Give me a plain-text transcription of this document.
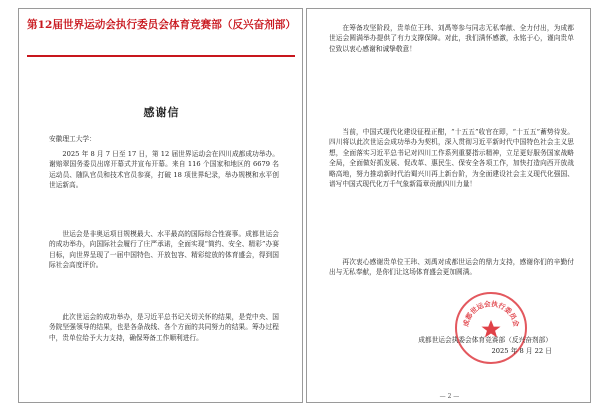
第12届世界运动会执行委员会体育竞赛部（反兴奋剂部）
感谢信
安徽理工大学：
2025 年 8 月 7 日至 17 日，第 12 届世界运动会在四川成都成功举办。谢赔翠国务委员出席开幕式并宣布开幕。来自 116 个国家和地区的 6679 名运动员、随队官员和技术官员参赛，打破 18 项世界纪录，举办规模和水平创世运新高。
世运会是非奥运项目规模最大、水平最高的国际综合性赛事。成都世运会的成功举办，向国际社会履行了庄严承诺，全面实现“简约、安全、精彩”办赛目标，向世界呈现了一届中国特色、开放包容、精彩绽放的体育盛会，得到国际社会高度评价。
此次世运会的成功举办，是习近平总书记关切关怀的结果，是党中央、国务院坚强领导的结果，也是各条战线、各个方面的共同努力的结果。筹办过程中，贵单位给予大力支持，确保筹备工作顺利进行。
在筹备攻坚阶段，贵单位王玮、刘禹等参与同志无私奉献、全力付出，为成都世运会圆满举办提供了有力支撑保障。对此，我们满怀感激，永铭于心，谨向贵单位致以衷心感谢和诚挚敬意！
当前，中国式现代化建设征程正酣，“十五五”收官在即，“十五五”蓄势待发。四川将以此次世运会成功举办为契机，深入贯彻习近平新时代中国特色社会主义思想，全面落实习近平总书记对四川工作系列重要指示精神，立足更好服务国家战略全局，全面做好抓发展、促改革、惠民生、保安全各项工作，加快打造向西开放战略高地，努力推动新时代治蜀兴川再上新台阶，为全面建设社会主义现代化强国、谱写中国式现代化万千气象新篇章贡献四川力量！
再次衷心感谢贵单位王玮、刘禹对成都世运会的鼎力支持，感谢你们的辛勤付出与无私奉献，是你们让这场体育盛会更加圆满。
成都世运会执行委员会
成都世运会执委会体育竞赛部（反兴奋剂部）
2025 年 8 月 22 日
— 2 —
